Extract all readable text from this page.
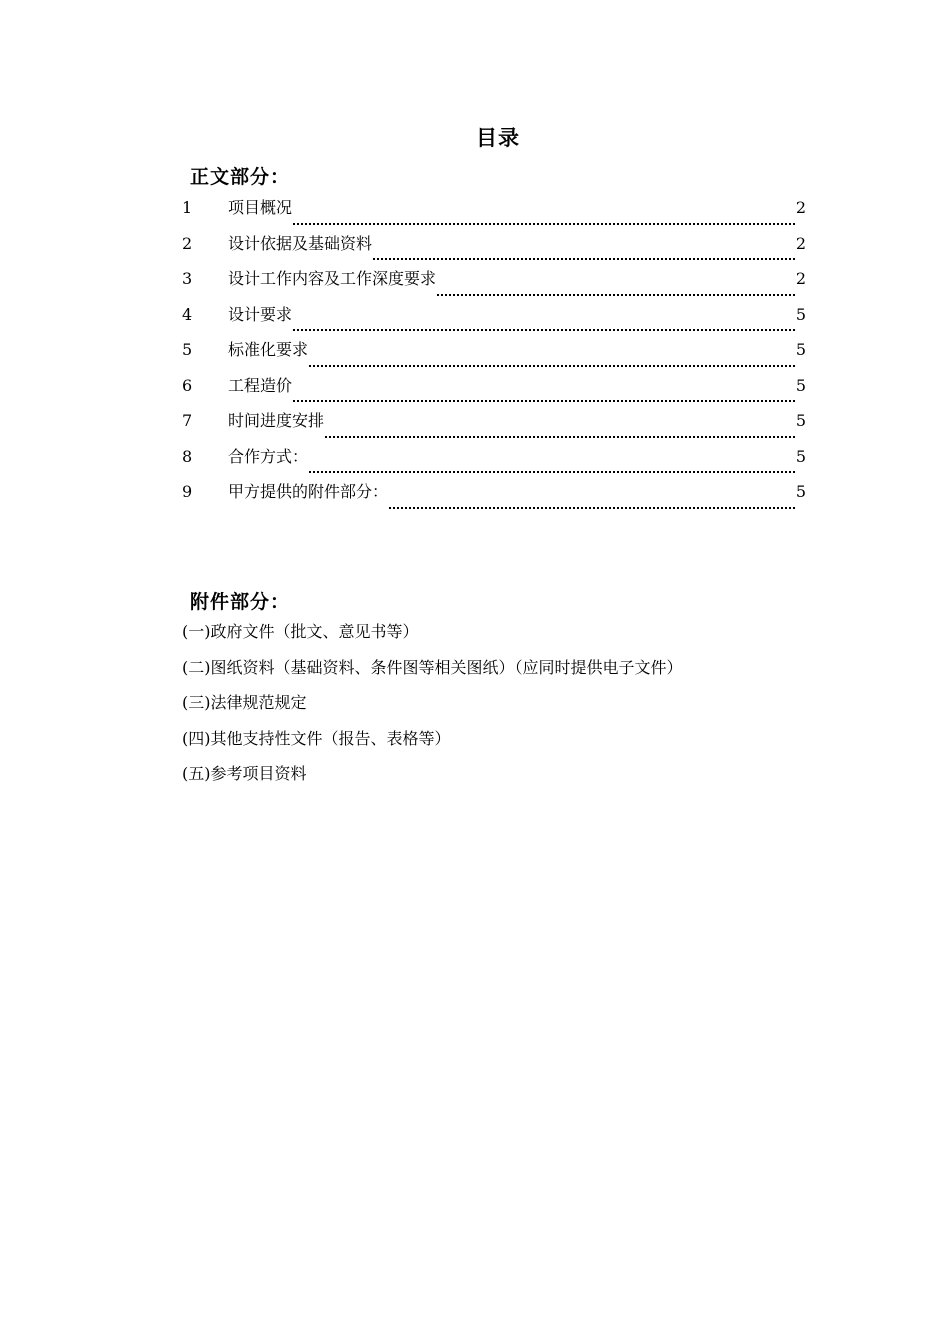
目录
正文部分：
1	项目概况	2
2	设计依据及基础资料	2
3	设计工作内容及工作深度要求	2
4	设计要求	5
5	标准化要求	5
6	工程造价	5
7	时间进度安排	5
8	合作方式：	5
9	甲方提供的附件部分：	5
附件部分：
(一)政府文件（批文、意见书等）
(二)图纸资料（基础资料、条件图等相关图纸）（应同时提供电子文件）
(三)法律规范规定
(四)其他支持性文件（报告、表格等）
(五)参考项目资料
